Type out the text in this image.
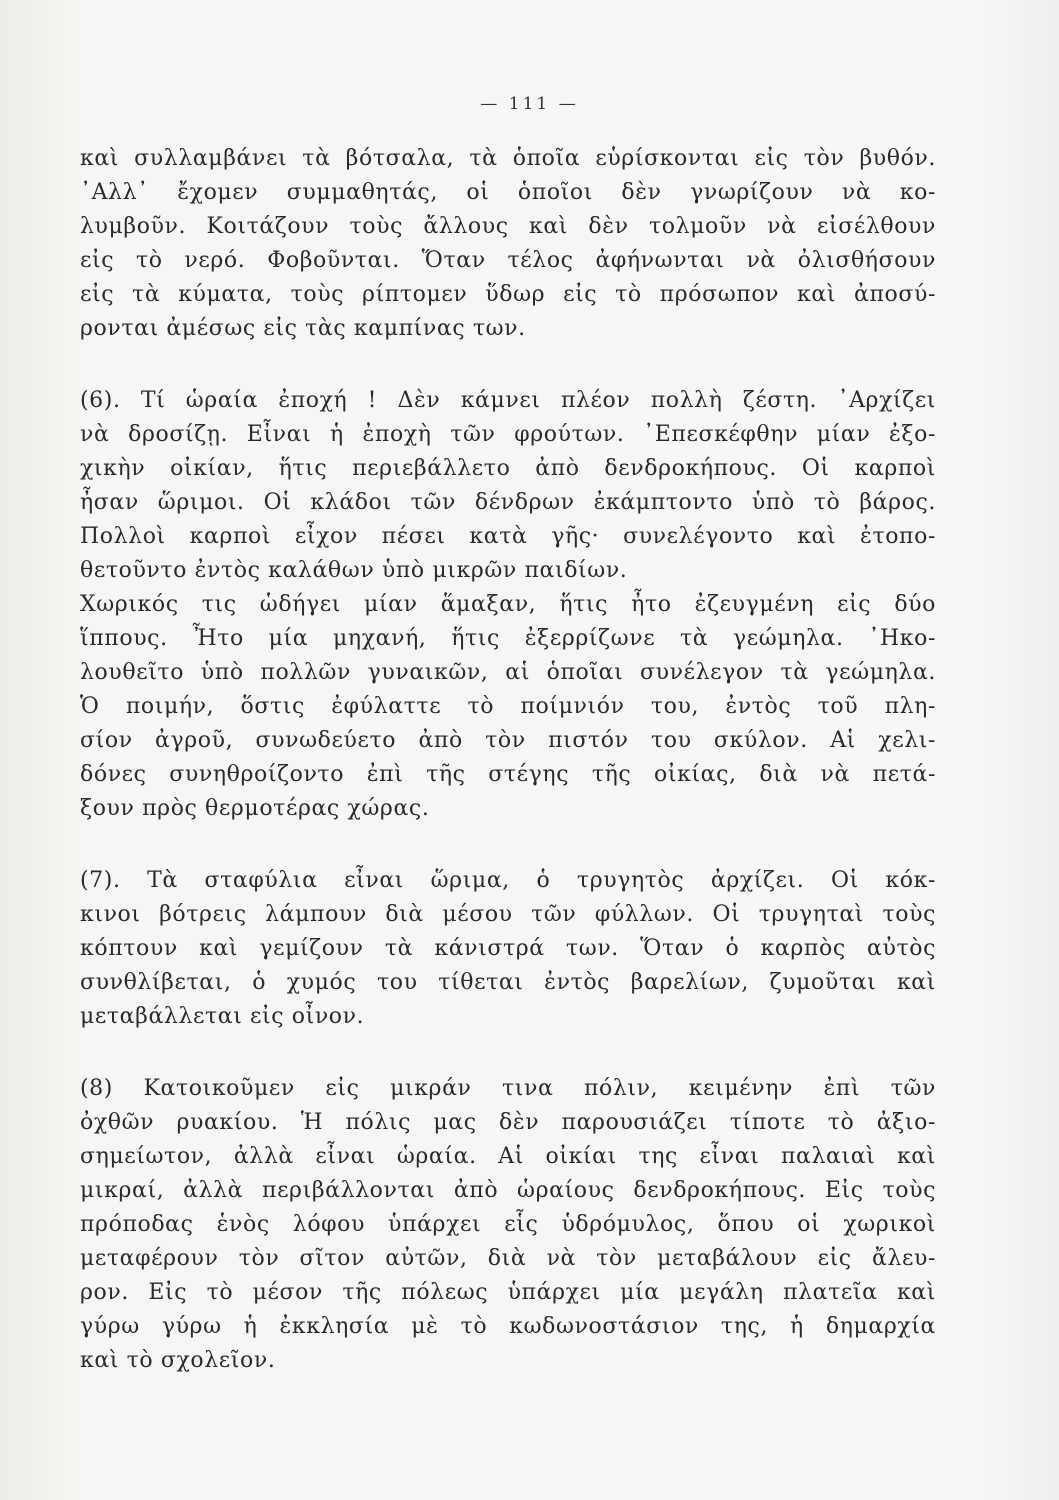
— 111 —
καὶ συλλαμβάνει τὰ βότσαλα, τὰ ὁποῖα εὑρίσκονται εἰς τὸν βυθόν.
᾿Αλλ᾿ ἔχομεν συμμαθητάς, οἱ ὁποῖοι δὲν γνωρίζουν νὰ κο-
λυμβοῦν. Κοιτάζουν τοὺς ἄλλους καὶ δὲν τολμοῦν νὰ εἰσέλθουν
εἰς τὸ νερό. Φοβοῦνται. Ὅταν τέλος ἀφήνωνται νὰ ὀλισθήσουν
εἰς τὰ κύματα, τοὺς ρίπτομεν ὕδωρ εἰς τὸ πρόσωπον καὶ ἀποσύ-
ρονται ἀμέσως εἰς τὰς καμπίνας των.
(6). Τί ὡραία ἐποχή ! Δὲν κάμνει πλέον πολλὴ ζέστη. ᾿Αρχίζει
νὰ δροσίζῃ. Εἶναι ἡ ἐποχὴ τῶν φρούτων. ᾿Επεσκέφθην μίαν ἐξο-
χικὴν οἰκίαν, ἥτις περιεβάλλετο ἀπὸ δενδροκήπους. Οἱ καρποὶ
ἦσαν ὥριμοι. Οἱ κλάδοι τῶν δένδρων ἐκάμπτοντο ὑπὸ τὸ βάρος.
Πολλοὶ καρποὶ εἶχον πέσει κατὰ γῆς· συνελέγοντο καὶ ἐτοπο-
θετοῦντο ἐντὸς καλάθων ὑπὸ μικρῶν παιδίων.
Χωρικός τις ὡδήγει μίαν ἅμαξαν, ἥτις ἦτο ἐζευγμένη εἰς δύο
ἵππους. Ἦτο μία μηχανή, ἥτις ἐξερρίζωνε τὰ γεώμηλα. ᾿Ηκο-
λουθεῖτο ὑπὸ πολλῶν γυναικῶν, αἱ ὁποῖαι συνέλεγον τὰ γεώμηλα.
Ὁ ποιμήν, ὅστις ἐφύλαττε τὸ ποίμνιόν του, ἐντὸς τοῦ πλη-
σίον ἀγροῦ, συνωδεύετο ἀπὸ τὸν πιστόν του σκύλον. Αἱ χελι-
δόνες συνηθροίζοντο ἐπὶ τῆς στέγης τῆς οἰκίας, διὰ νὰ πετά-
ξουν πρὸς θερμοτέρας χώρας.
(7). Τὰ σταφύλια εἶναι ὥριμα, ὁ τρυγητὸς ἀρχίζει. Οἱ κόκ-
κινοι βότρεις λάμπουν διὰ μέσου τῶν φύλλων. Οἱ τρυγηταὶ τοὺς
κόπτουν καὶ γεμίζουν τὰ κάνιστρά των. Ὅταν ὁ καρπὸς αὐτὸς
συνθλίβεται, ὁ χυμός του τίθεται ἐντὸς βαρελίων, ζυμοῦται καὶ
μεταβάλλεται εἰς οἶνον.
(8) Κατοικοῦμεν εἰς μικράν τινα πόλιν, κειμένην ἐπὶ τῶν
ὀχθῶν ρυακίου. Ἡ πόλις μας δὲν παρουσιάζει τίποτε τὸ ἀξιο-
σημείωτον, ἀλλὰ εἶναι ὡραία. Αἱ οἰκίαι της εἶναι παλαιαὶ καὶ
μικραί, ἀλλὰ περιβάλλονται ἀπὸ ὡραίους δενδροκήπους. Εἰς τοὺς
πρόποδας ἑνὸς λόφου ὑπάρχει εἷς ὑδρόμυλος, ὅπου οἱ χωρικοὶ
μεταφέρουν τὸν σῖτον αὐτῶν, διὰ νὰ τὸν μεταβάλουν εἰς ἄλευ-
ρον. Εἰς τὸ μέσον τῆς πόλεως ὑπάρχει μία μεγάλη πλατεῖα καὶ
γύρω γύρω ἡ ἐκκλησία μὲ τὸ κωδωνοστάσιον της, ἡ δημαρχία
καὶ τὸ σχολεῖον.
